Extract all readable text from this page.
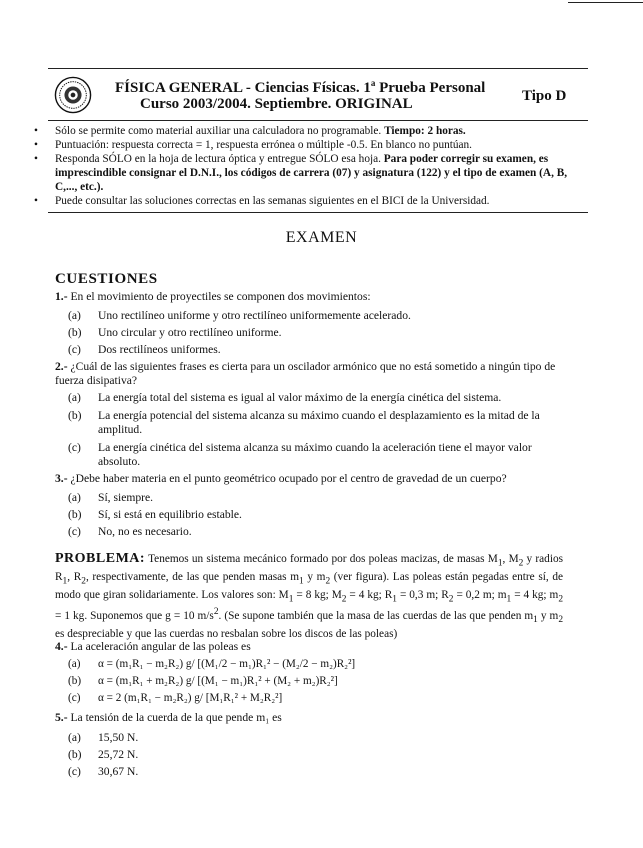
FÍSICA GENERAL - Ciencias Físicas. 1$^a$ Prueba Personal
Curso 2003/2004. Septiembre. ORIGINAL	Tipo D

• Sólo se permite como material auxiliar una calculadora no programable. Tiempo: 2 horas.

• Puntuación: respuesta correcta = 1, respuesta errónea o múltiple -0.5. En blanco no puntúan.

• Responda SÓLO en la hoja de lectura óptica y entregue SÓLO esa hoja. Para poder corregir su examen, es imprescindible consignar el D.N.I., los códigos de carrera (07) y asignatura (122) y el tipo de examen (A, B, C,..., etc.).

• Puede consultar las soluciones correctas en las semanas siguientes en el BICI de la Universidad.

EXAMEN
CUESTIONES
1.- En el movimiento de proyectiles se componen dos movimientos:
(a) Uno rectilíneo uniforme y otro rectilíneo uniformemente acelerado.
(b) Uno circular y otro rectilíneo uniforme.
(c) Dos rectilíneos uniformes.
2.- ¿Cuál de las siguientes frases es cierta para un oscilador armónico que no está sometido a ningún tipo de fuerza disipativa?
(a) La energía total del sistema es igual al valor máximo de la energía cinética del sistema.
(b) La energía potencial del sistema alcanza su máximo cuando el desplazamiento es la mitad de la amplitud.
(c) La energía cinética del sistema alcanza su máximo cuando la aceleración tiene el mayor valor absoluto.
3.- ¿Debe haber materia en el punto geométrico ocupado por el centro de gravedad de un cuerpo?
(a) Sí, siempre.
(b) Sí, si está en equilibrio estable.
(c) No, no es necesario.
PROBLEMA: Tenemos un sistema mecánico formado por dos poleas macizas, de masas $M_1$, $M_2$ y radios $R_1$, $R_2$, respectivamente, de las que penden masas $m_1$ y $m_2$ (ver figura). Las poleas están pegadas entre sí, de modo que giran solidariamente. Los valores son: $M_1 = 8$ kg; $M_2 = 4$ kg; $R_1 = 0,3$ m; $R_2 = 0,2$ m; $m_1 = 4$ kg; $m_2 = 1$ kg. Suponemos que g = 10 $m/s^2$. (Se supone también que la masa de las cuerdas de las que penden $m_1$ y $m_2$ es despreciable y que las cuerdas no resbalan sobre los discos de las poleas)
4.- La aceleración angular de las poleas es
(a) α = (m₁R₁ − m₂R₂) g/ [(M₁/2 − m₁)R₁² − (M₂/2 − m₂)R₂²]
(b) α = (m₁R₁ + m₂R₂) g/ [(M₁ − m₁)R₁² + (M₂ + m₂)R₂²]
(c) α = 2 (m₁R₁ − m₂R₂) g/ [M₁R₁² + M₂R₂²]
5.- La tensión de la cuerda de la que pende m₁ es
(a) 15,50 N.
(b) 25,72 N.
(c) 30,67 N.
